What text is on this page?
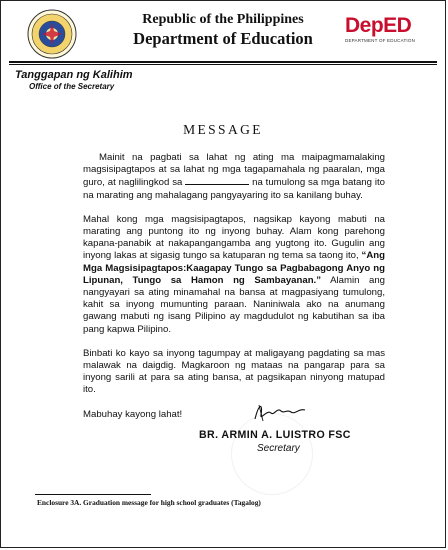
Republic of the Philippines
Department of Education
DepED
DEPARTMENT OF EDUCATION
Tanggapan ng Kalihim
Office of the Secretary
MESSAGE

Mainit na pagbati sa lahat ng ating ma maipagmamalaking magsisipagtapos at sa lahat ng mga tagapamahala ng paaralan, mga guro, at naglilingkod sa	na tumulong sa mga batang ito na marating ang mahalagang pangyayaring ito sa kanilang buhay.

Mahal kong mga magsisipagtapos, nagsikap kayong mabuti na marating ang puntong ito ng inyong buhay. Alam kong parehong kapana-panabik at nakapangangamba ang yugtong ito. Gugulin ang inyong lakas at sigasig tungo sa katuparan ng tema sa taong ito, “Ang Mga Magsisipagtapos:Kaagapay Tungo sa Pagbabagong Anyo ng Lipunan, Tungo sa Hamon ng Sambayanan.” Alamin ang nangyayari sa ating minamahal na bansa at magpasiyang tumulong, kahit sa inyong mumunting paraan. Naniniwala ako na anumang gawang mabuti ng isang Pilipino ay magdudulot ng kabutihan sa iba pang kapwa Pilipino.

Binbati ko kayo sa inyong tagumpay at maligayang pagdating sa mas malawak na daigdig. Magkaroon ng mataas na pangarap para sa inyong sarili at para sa ating bansa, at pagsikapan ninyong matupad ito.

Mabuhay kayong lahat!

BR. ARMIN A. LUISTRO FSC
Secretary
Enclosure 3A. Graduation message for high school graduates (Tagalog)
